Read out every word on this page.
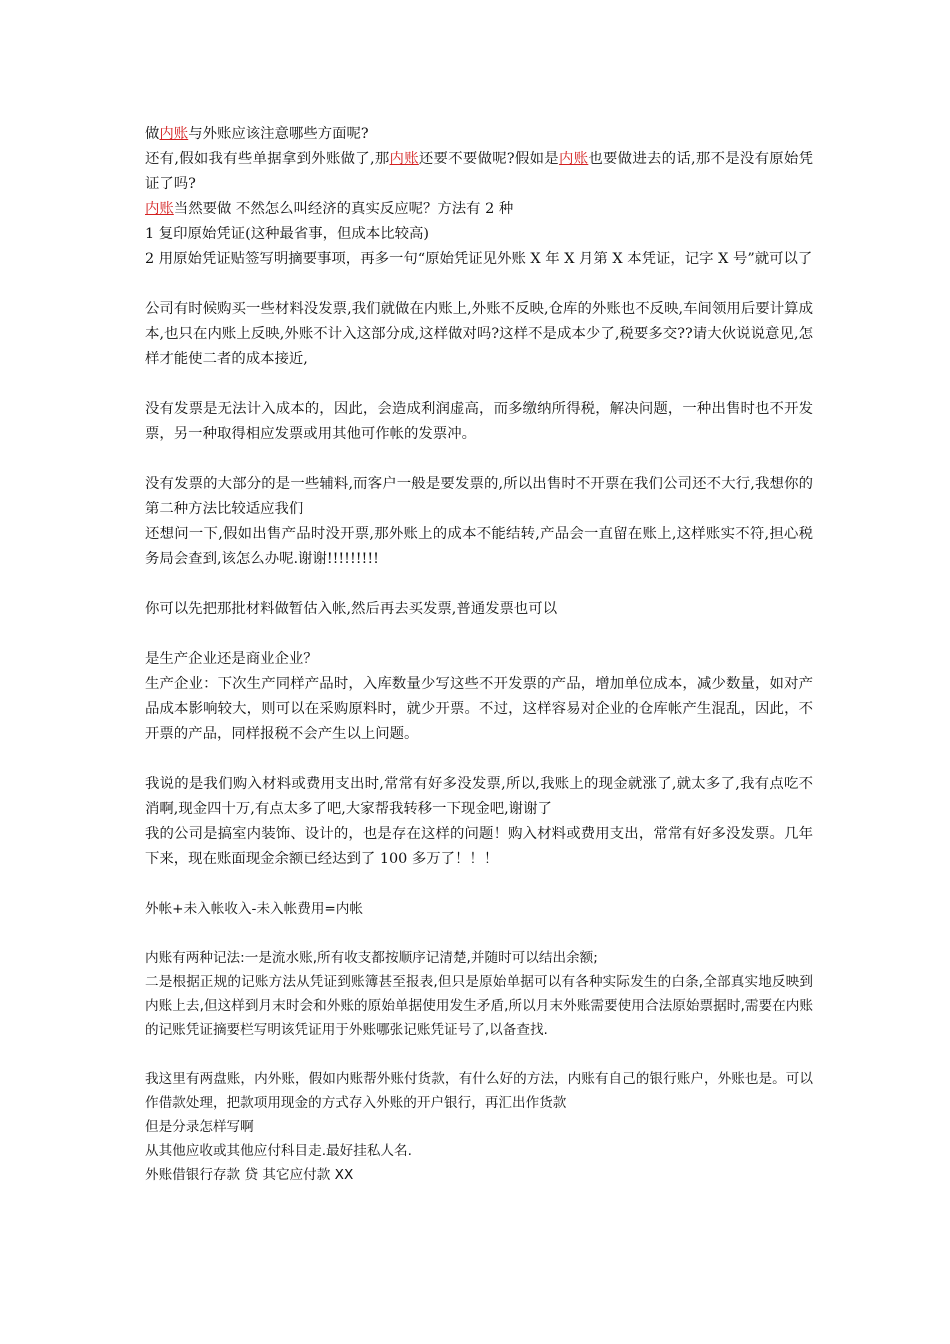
做内账与外账应该注意哪些方面呢?

还有,假如我有些单据拿到外账做了,那内账还要不要做呢?假如是内账也要做进去的话,那不是没有原始凭证了吗?

内账当然要做 不然怎么叫经济的真实反应呢？方法有 2 种

1 复印原始凭证(这种最省事，但成本比较高)

2 用原始凭证贴签写明摘要事项，再多一句“原始凭证见外账 X 年 X 月第 X 本凭证，记字 X 号”就可以了

公司有时候购买一些材料没发票,我们就做在内账上,外账不反映,仓库的外账也不反映,车间领用后要计算成本,也只在内账上反映,外账不计入这部分成,这样做对吗?这样不是成本少了,税要多交??请大伙说说意见,怎样才能使二者的成本接近,

没有发票是无法计入成本的，因此，会造成利润虚高，而多缴纳所得税，解决问题，一种出售时也不开发票，另一种取得相应发票或用其他可作帐的发票冲。

没有发票的大部分的是一些辅料,而客户一般是要发票的,所以出售时不开票在我们公司还不大行,我想你的第二种方法比较适应我们

还想问一下,假如出售产品时没开票,那外账上的成本不能结转,产品会一直留在账上,这样账实不符,担心税务局会查到,该怎么办呢.谢谢!!!!!!!!!

你可以先把那批材料做暂估入帐,然后再去买发票,普通发票也可以

是生产企业还是商业企业？

生产企业：下次生产同样产品时，入库数量少写这些不开发票的产品，增加单位成本，减少数量，如对产品成本影响较大，则可以在采购原料时，就少开票。不过，这样容易对企业的仓库帐产生混乱，因此，不开票的产品，同样报税不会产生以上问题。

我说的是我们购入材料或费用支出时,常常有好多没发票,所以,我账上的现金就涨了,就太多了,我有点吃不消啊,现金四十万,有点太多了吧,大家帮我转移一下现金吧,谢谢了

我的公司是搞室内装饰、设计的，也是存在这样的问题！购入材料或费用支出，常常有好多没发票。几年下来，现在账面现金余额已经达到了 100 多万了！！！

外帐+未入帐收入-未入帐费用=内帐

内账有两种记法:一是流水账,所有收支都按顺序记清楚,并随时可以结出余额;

二是根据正规的记账方法从凭证到账簿甚至报表,但只是原始单据可以有各种实际发生的白条,全部真实地反映到内账上去,但这样到月末时会和外账的原始单据使用发生矛盾,所以月末外账需要使用合法原始票据时,需要在内账的记账凭证摘要栏写明该凭证用于外账哪张记账凭证号了,以备查找.

我这里有两盘账，内外账，假如内账帮外账付货款，有什么好的方法，内账有自己的银行账户，外账也是。可以作借款处理，把款项用现金的方式存入外账的开户银行，再汇出作货款

但是分录怎样写啊

从其他应收或其他应付科目走.最好挂私人名.

外账借银行存款 贷 其它应付款 XX
